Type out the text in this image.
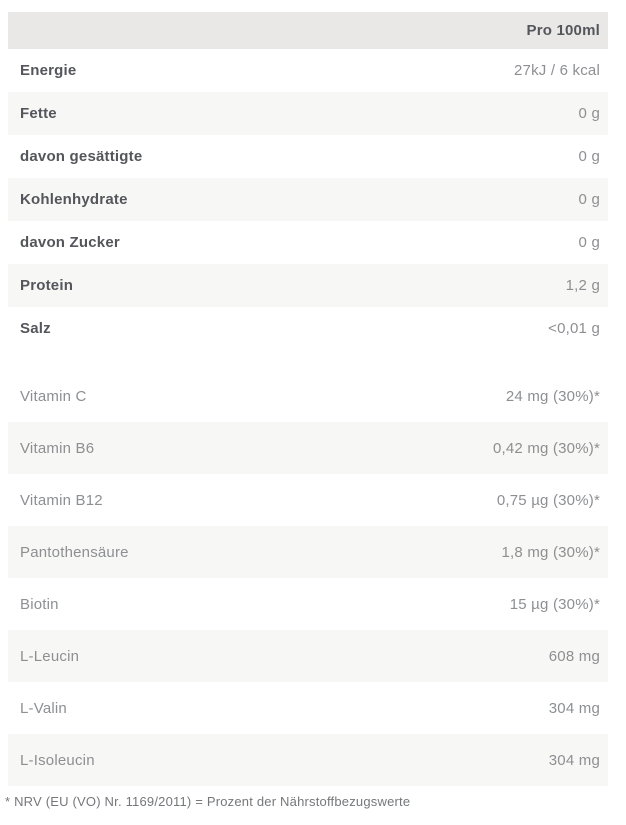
Pro 100ml
Energie	27kJ / 6 kcal
Fette	0 g
davon gesättigte	0 g
Kohlenhydrate	0 g
davon Zucker	0 g
Protein	1,2 g
Salz	<0,01 g
Vitamin C	24 mg (30%)*
Vitamin B6	0,42 mg (30%)*
Vitamin B12	0,75 µg (30%)*
Pantothensäure	1,8 mg (30%)*
Biotin	15 µg (30%)*
L-Leucin	608 mg
L-Valin	304 mg
L-Isoleucin	304 mg
* NRV (EU (VO) Nr. 1169/2011) = Prozent der Nährstoffbezugswerte
